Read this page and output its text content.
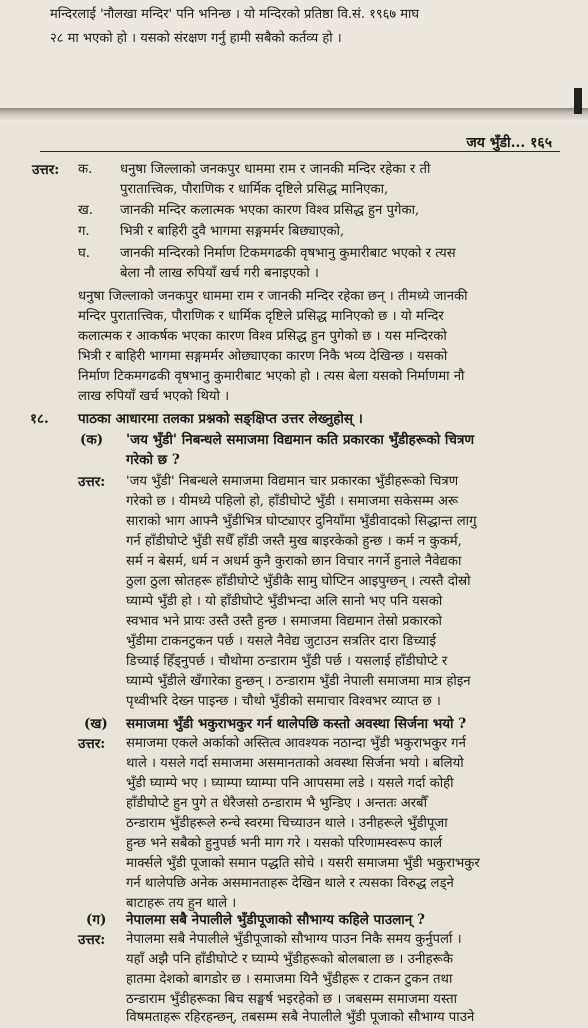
मन्दिरलाई 'नौलखा मन्दिर' पनि भनिन्छ । यो मन्दिरको प्रतिष्ठा वि.सं. १९६७ माघ
२८ मा भएको हो । यसको संरक्षण गर्नु हामी सबैको कर्तव्य हो ।
जय भुँडी... १६५
उत्तर: क. धनुषा जिल्लाको जनकपुर धाममा राम र जानकी मन्दिर रहेका र ती
पुरातात्त्विक, पौराणिक र धार्मिक दृष्टिले प्रसिद्ध मानिएका,
ख. जानकी मन्दिर कलात्मक भएका कारण विश्व प्रसिद्ध हुन पुगेका,
ग. भित्री र बाहिरी दुवै भागमा सङ्गमर्मर बिछ्याएको,
घ. जानकी मन्दिरको निर्माण टिकमगढकी वृषभानु कुमारीबाट भएको र त्यस
बेला नौ लाख रुपियाँ खर्च गरी बनाइएको ।
धनुषा जिल्लाको जनकपुर धाममा राम र जानकी मन्दिर रहेका छन् । तीमध्ये जानकी
मन्दिर पुरातात्त्विक, पौराणिक र धार्मिक दृष्टिले प्रसिद्ध मानिएको छ । यो मन्दिर
कलात्मक र आकर्षक भएका कारण विश्व प्रसिद्ध हुन पुगेको छ । यस मन्दिरको
भित्री र बाहिरी भागमा सङ्गमर्मर ओछ्याएका कारण निकै भव्य देखिन्छ । यसको
निर्माण टिकमगढकी वृषभानु कुमारीबाट भएको हो । त्यस बेला यसको निर्माणमा नौ
लाख रुपियाँ खर्च भएको थियो ।
१८. पाठका आधारमा तलका प्रश्नको सङ्क्षिप्त उत्तर लेख्नुहोस् ।
(क) 'जय भुँडी' निबन्धले समाजमा विद्यमान कति प्रकारका भुँडीहरूको चित्रण
गरेको छ ?
उत्तर: 'जय भुँडी' निबन्धले समाजमा विद्यमान चार प्रकारका भुँडीहरूको चित्रण
गरेको छ । यीमध्ये पहिलो हो, हाँडीघोप्टे भुँडी । समाजमा सकेसम्म अरू
साराको भाग आफ्नै भुँडीभित्र घोप्ट्याएर दुनियाँमा भुँडीवादको सिद्धान्त लागु
गर्न हाँडीघोप्टे भुँडी सधैँ हाँडी जस्तै मुख बाइरकेको हुन्छ । कर्म न कुकर्म,
सर्म न बेसर्म, धर्म न अधर्म कुनै कुराको छान विचार नगर्ने हुनाले नैवेद्यका
ठुला ठुला स्रोतहरू हाँडीघोप्टे भुँडीकै सामु घोप्टिन आइपुग्छन् । त्यस्तै दोस्रो
घ्याम्पे भुँडी हो । यो हाँडीघोप्टे भुँडीभन्दा अलि सानो भए पनि यसको
स्वभाव भने प्रायः उस्तै उस्तै हुन्छ । समाजमा विद्यमान तेस्रो प्रकारको
भुँडीमा टाकनटुकन पर्छ । यसले नैवेद्य जुटाउन सत्रतिर दारा डिच्याई
डिच्याई हिँड्नुपर्छ । चौथोमा ठन्डाराम भुँडी पर्छ । यसलाई हाँडीघोप्टे र
घ्याम्पे भुँडीले खँगारेका हुन्छन् । ठन्डाराम भुँडी नेपाली समाजमा मात्र होइन
पृथ्वीभरि देख्न पाइन्छ । चौथो भुँडीको समाचार विश्वभर व्याप्त छ ।
(ख) समाजमा भुँडी भकुराभकुर गर्न थालेपछि कस्तो अवस्था सिर्जना भयो ?
उत्तर: समाजमा एकले अर्काको अस्तित्व आवश्यक नठान्दा भुँडी भकुराभकुर गर्न
थाले । यसले गर्दा समाजमा असमानताको अवस्था सिर्जना भयो । बलियो
भुँडी घ्याम्पे भए । घ्याम्पा घ्याम्पा पनि आपसमा लडे । यसले गर्दा कोही
हाँडीघोप्टे हुन पुगे त धेरैजसो ठन्डाराम भै भुन्डिए । अन्ततः अरबौँ
ठन्डाराम भुँडीहरूले रुन्चे स्वरमा चिच्याउन थाले । उनीहरूले भुँडीपूजा
हुन्छ भने सबैको हुनुपर्छ भनी माग गरे । यसको परिणामस्वरूप कार्ल
मार्क्सले भुँडी पूजाको समान पद्धति सोचे । यसरी समाजमा भुँडी भकुराभकुर
गर्न थालेपछि अनेक असमानताहरू देखिन थाले र त्यसका विरुद्ध लड्ने
बाटाहरू तय हुन थाले ।
(ग) नेपालमा सबै नेपालीले भुँडीपूजाको सौभाग्य कहिले पाउलान् ?
उत्तर: नेपालमा सबै नेपालीले भुँडीपूजाको सौभाग्य पाउन निकै समय कुर्नुपर्ला ।
यहाँ अझै पनि हाँडीघोप्टे र घ्याम्पे भुँडीहरूको बोलबाला छ । उनीहरूकै
हातमा देशको बागडोर छ । समाजमा यिनै भुँडीहरू र टाकन टुकन तथा
ठन्डाराम भुँडीहरूका बिच सङ्घर्ष भइरहेको छ । जबसम्म समाजमा यस्ता
विषमताहरू रहिरहन्छन्, तबसम्म सबै नेपालीले भुँडी पूजाको सौभाग्य पाउने
